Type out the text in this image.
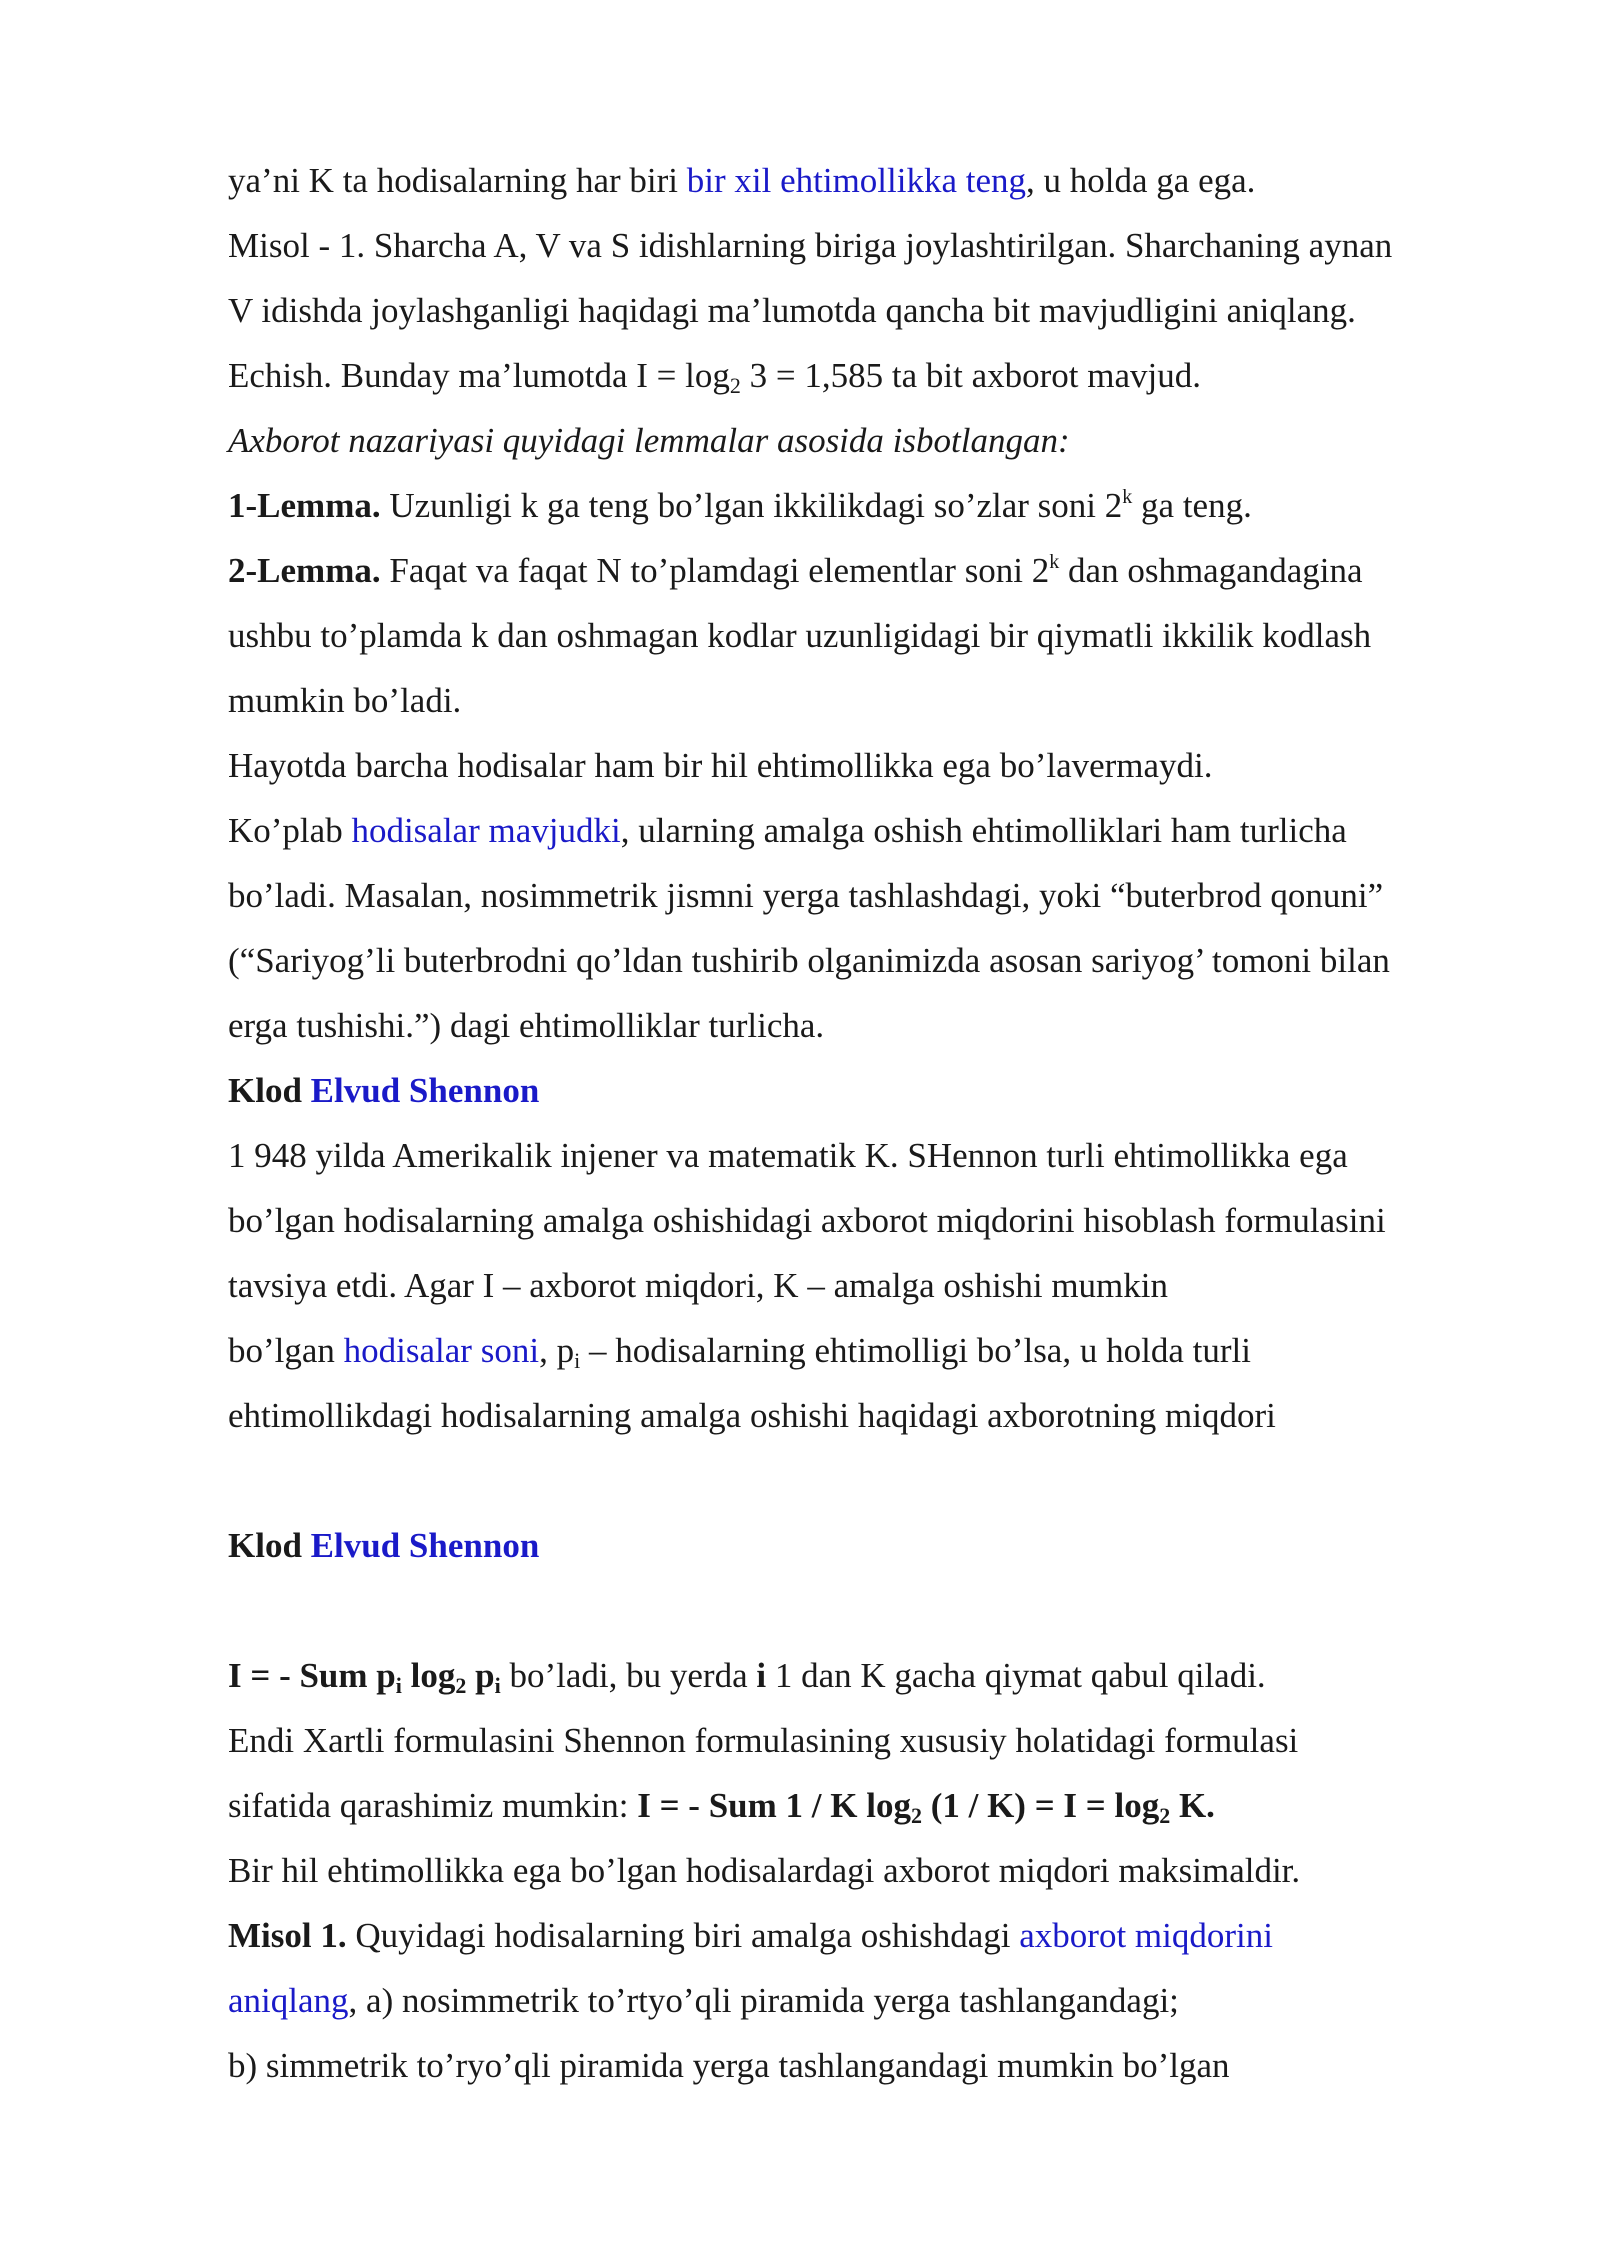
ya’ni K ta hodisalarning har biri bir xil ehtimollikka teng, u holda ga ega.
Misol - 1. Sharcha A, V va S idishlarning biriga joylashtirilgan. Sharchaning aynan
V idishda joylashganligi haqidagi ma’lumotda qancha bit mavjudligini aniqlang.
Echish. Bunday ma’lumotda $I = \log_2 3 = 1,585$ ta bit axborot mavjud.
Axborot nazariyasi quyidagi lemmalar asosida isbotlangan:
1-Lemma. Uzunligi k ga teng bo’lgan ikkilikdagi so’zlar soni 2$^k$ ga teng.
2-Lemma. Faqat va faqat N to’plamdagi elementlar soni 2$^k$ dan oshmagandagina
ushbu to’plamda k dan oshmagan kodlar uzunligidagi bir qiymatli ikkilik kodlash
mumkin bo’ladi.
Hayotda barcha hodisalar ham bir hil ehtimollikka ega bo’lavermaydi.
Ko’plab hodisalar mavjudki, ularning amalga oshish ehtimolliklari ham turlicha
bo’ladi. Masalan, nosimmetrik jismni yerga tashlashdagi, yoki “buterbrod qonuni”
(“Sariyog’li buterbrodni qo’ldan tushirib olganimizda asosan sariyog’ tomoni bilan
erga tushishi.”) dagi ehtimolliklar turlicha.
Klod Elvud Shennon
1 948 yilda Amerikalik injener va matematik K. SHennon turli ehtimollikka ega
bo’lgan hodisalarning amalga oshishidagi axborot miqdorini hisoblash formulasini
tavsiya etdi. Agar I – axborot miqdori, K – amalga oshishi mumkin
bo’lgan hodisalar soni, $p_i$ – hodisalarning ehtimolligi bo’lsa, u holda turli
ehtimollikdagi hodisalarning amalga oshishi haqidagi axborotning miqdori
Klod Elvud Shennon
I = - Sum $p_i$ $\log_2 p_i$ bo’ladi, bu yerda i 1 dan K gacha qiymat qabul qiladi.
Endi Xartli formulasini Shennon formulasining xususiy holatidagi formulasi
sifatida qarashimiz mumkin: I = - Sum 1 / K $\log_2 (1 / K) = I = \log_2 K$.
Bir hil ehtimollikka ega bo’lgan hodisalardagi axborot miqdori maksimaldir.
Misol 1. Quyidagi hodisalarning biri amalga oshishdagi axborot miqdorini
aniqlang, a) nosimmetrik to’rtyo’qli piramida yerga tashlangandagi;
b) simmetrik to’ryo’qli piramida yerga tashlangandagi mumkin bo’lgan
